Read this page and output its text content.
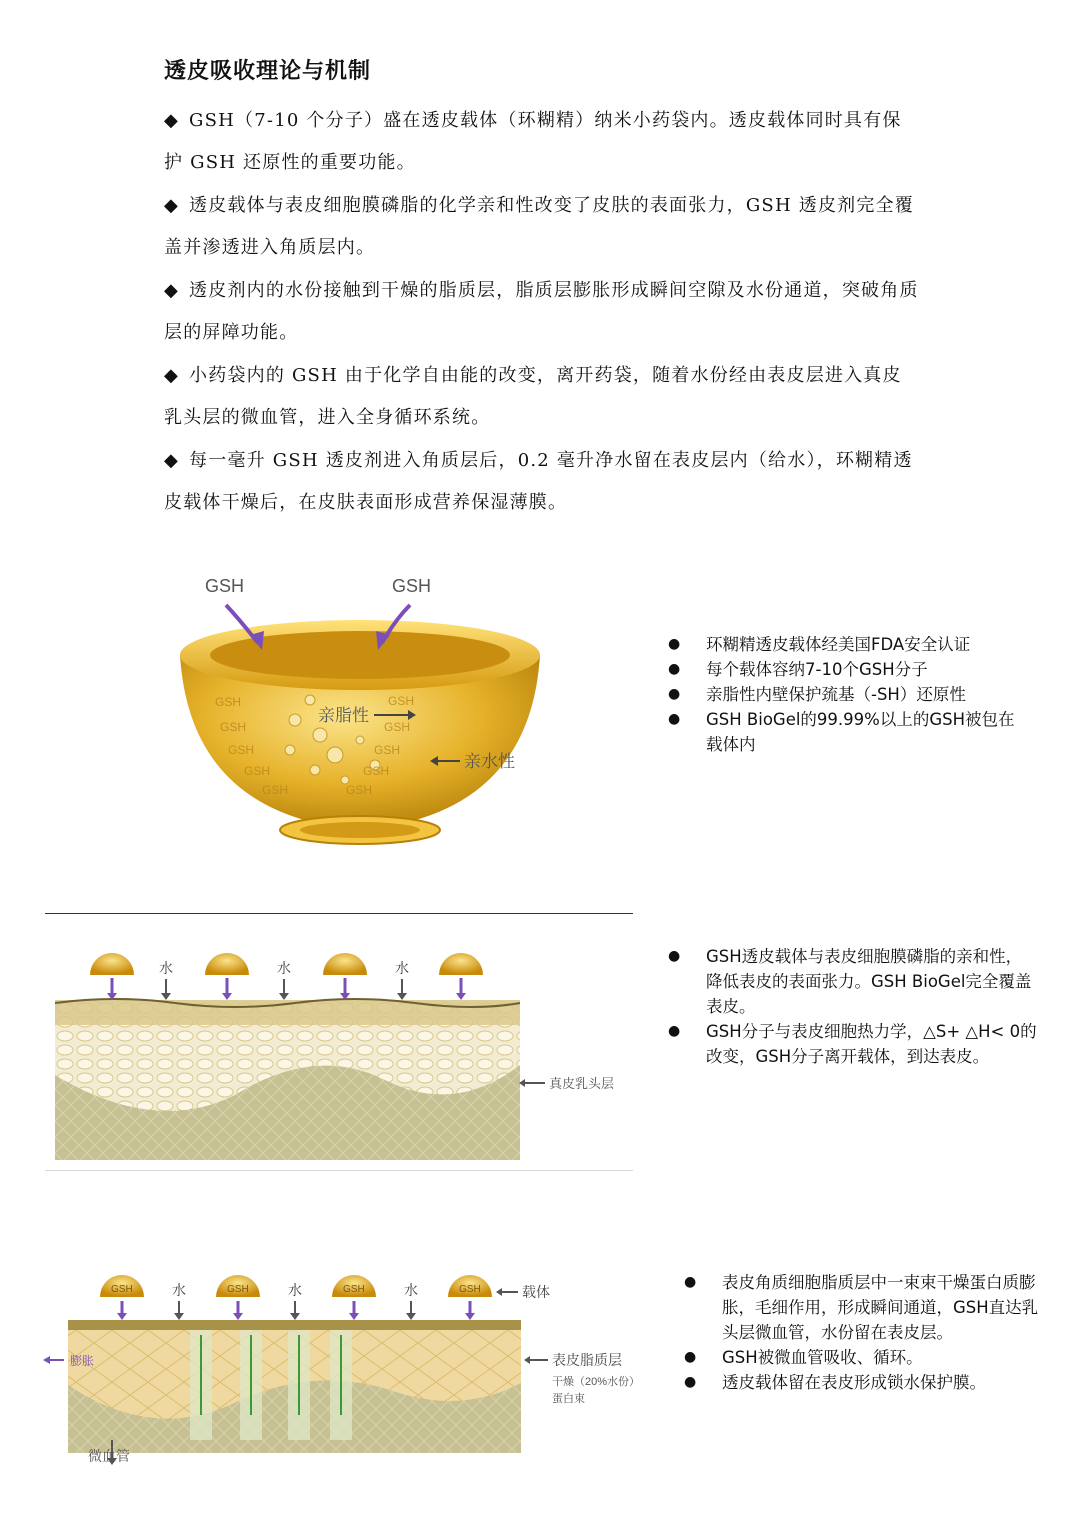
透皮吸收理论与机制
◆ GSH（7-10 个分子）盛在透皮载体（环糊精）纳米小药袋内。透皮载体同时具有保护 GSH 还原性的重要功能。
◆ 透皮载体与表皮细胞膜磷脂的化学亲和性改变了皮肤的表面张力，GSH 透皮剂完全覆盖并渗透进入角质层内。
◆ 透皮剂内的水份接触到干燥的脂质层，脂质层膨胀形成瞬间空隙及水份通道，突破角质层的屏障功能。
◆ 小药袋内的 GSH 由于化学自由能的改变，离开药袋，随着水份经由表皮层进入真皮乳头层的微血管，进入全身循环系统。
◆ 每一毫升 GSH 透皮剂进入角质层后，0.2 毫升净水留在表皮层内（给水），环糊精透皮载体干燥后，在皮肤表面形成营养保湿薄膜。
GSH
GSH
GSH
GSH
GSH
GSH
GSH
GSH
GSH
GSH
亲脂性
GSH	GSH
亲水性
● 环糊精透皮载体经美国FDA安全认证
● 每个载体容纳7-10个GSH分子
● 亲脂性内壁保护巯基（-SH）还原性
● GSH BioGel的99.99%以上的GSH被包在载体内
水	水	水
真皮乳头层
● GSH透皮载体与表皮细胞膜磷脂的亲和性，降低表皮的表面张力。GSH BioGel完全覆盖表皮。
● GSH分子与表皮细胞热力学，△S+ △H< 0的改变，GSH分子离开载体，到达表皮。
GSH	GSH	GSH	GSH
水	水	水	载体
膨胀	表皮脂质层
干燥（20%水份）
蛋白束
微血管
● 表皮角质细胞脂质层中一束束干燥蛋白质膨胀，毛细作用，形成瞬间通道，GSH直达乳头层微血管，水份留在表皮层。
● GSH被微血管吸收、循环。
● 透皮载体留在表皮形成锁水保护膜。
